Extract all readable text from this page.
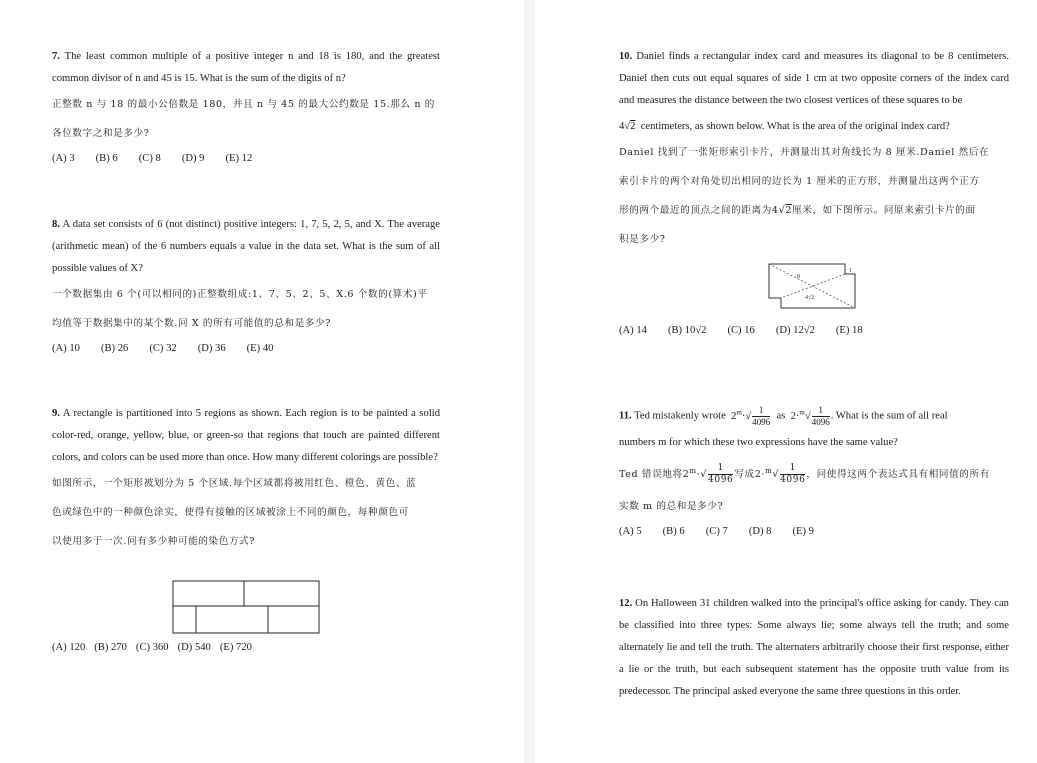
7. The least common multiple of a positive integer n and 18 is 180, and the greatest common divisor of n and 45 is 15. What is the sum of the digits of n?

正整数 n 与 18 的最小公倍数是 180，并且 n 与 45 的最大公约数是 15.那么 n 的

各位数字之和是多少?

(A) 3 (B) 6 (C) 8 (D) 9 (E) 12

8. A data set consists of 6 (not distinct) positive integers: 1, 7, 5, 2, 5, and X. The average (arithmetic mean) of the 6 numbers equals a value in the data set. What is the sum of all possible values of X?

一个数据集由 6 个(可以相同的)正整数组成:1、7、5、2、5、X.6 个数的(算术)平

均值等于数据集中的某个数.问 X 的所有可能值的总和是多少?

(A) 10 (B) 26 (C) 32 (D) 36 (E) 40

9. A rectangle is partitioned into 5 regions as shown. Each region is to be painted a solid color-red, orange, yellow, blue, or green-so that regions that touch are painted different colors, and colors can be used more than once. How many different colorings are possible?

如图所示，一个矩形被划分为 5 个区域.每个区域都将被用红色、橙色、黄色、蓝

色或绿色中的一种颜色涂实，使得有接触的区域被涂上不同的颜色，每种颜色可

以使用多于一次.问有多少种可能的染色方式?

(A) 120 (B) 270 (C) 360 (D) 540 (E) 720

10. Daniel finds a rectangular index card and measures its diagonal to be 8 centimeters. Daniel then cuts out equal squares of side 1 cm at two opposite corners of the index card and measures the distance between the two closest vertices of these squares to be

4√2 centimeters, as shown below. What is the area of the original index card?

Daniel 找到了一张矩形索引卡片，并测量出其对角线长为 8 厘米.Daniel 然后在

索引卡片的两个对角处切出相同的边长为 1 厘米的正方形，并测量出这两个正方

形的两个最近的顶点之间的距离为4√2厘米，如下图所示。问原来索引卡片的面

积是多少?

8
1
4√2
(A) 14 (B) 10√2 (C) 16 (D) 12√2 (E) 18

11. Ted mistakenly wrote $2^m\cdot√ \frac{1}{4096}$ as $2\cdot^m√ \frac{1}{4096}$ . What is the sum of all real

numbers m for which these two expressions have the same value?

Ted 错误地将$2^m\cdot√ \frac{1}{4096}$ 写成$2\cdot^m√ \frac{1}{4096}$ ，问使得这两个表达式具有相同值的所有

实数 m 的总和是多少?

(A) 5 (B) 6 (C) 7 (D) 8 (E) 9

12. On Halloween 31 children walked into the principal's office asking for candy. They can be classified into three types: Some always lie; some always tell the truth; and some alternately lie and tell the truth. The alternaters arbitrarily choose their first response, either a lie or the truth, but each subsequent statement has the opposite truth value from its predecessor. The principal asked everyone the same three questions in this order.
